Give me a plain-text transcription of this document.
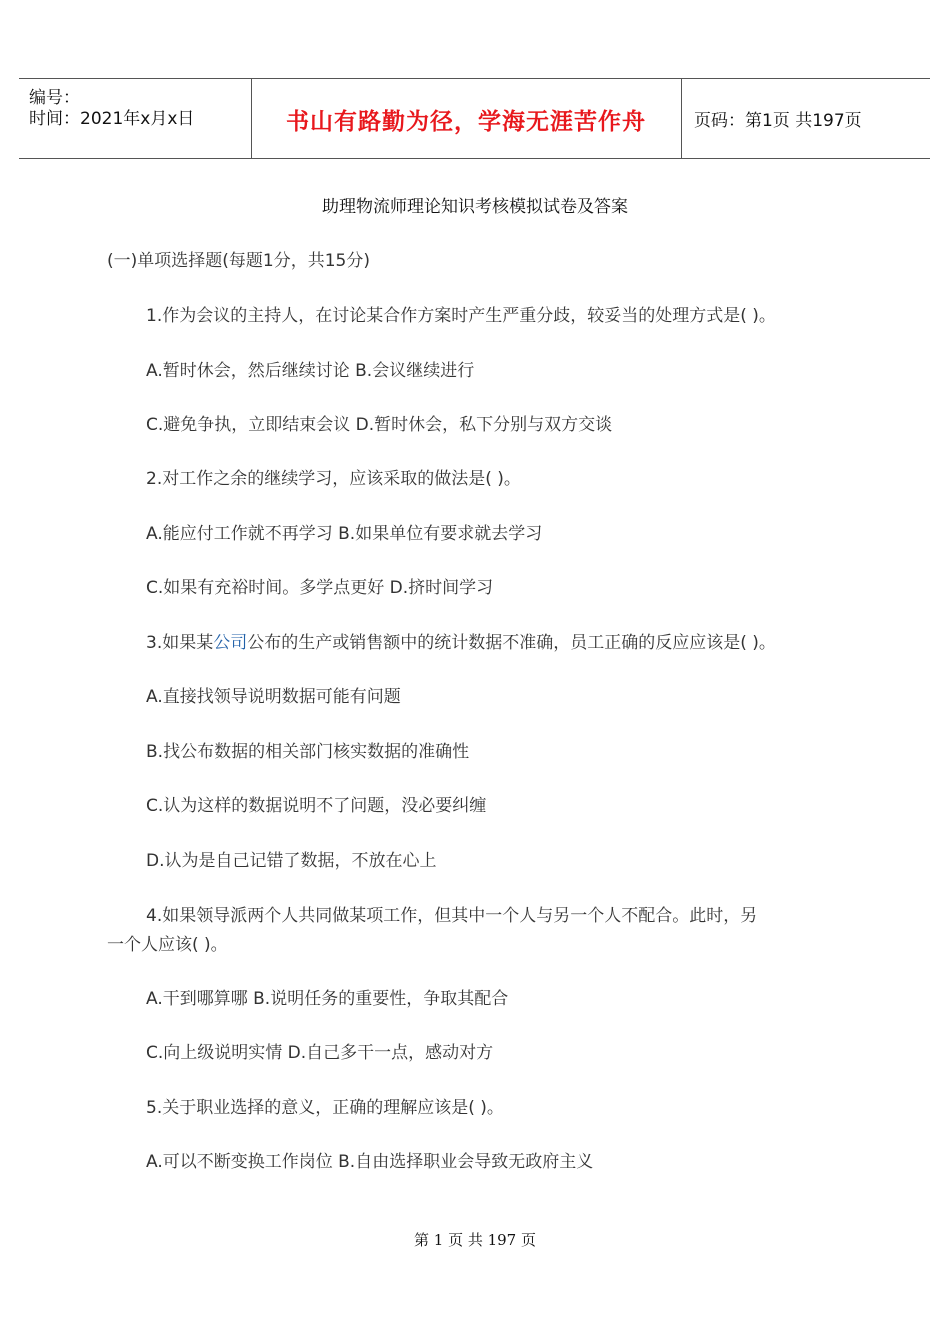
编号：
时间：2021年x月x日	书山有路勤为径，学海无涯苦作舟	页码：第1页 共197页
助理物流师理论知识考核模拟试卷及答案
(一)单项选择题(每题1分，共15分)
1.作为会议的主持人，在讨论某合作方案时产生严重分歧，较妥当的处理方式是( )。
A.暂时休会，然后继续讨论 B.会议继续进行
C.避免争执，立即结束会议 D.暂时休会，私下分别与双方交谈
2.对工作之余的继续学习，应该采取的做法是( )。
A.能应付工作就不再学习 B.如果单位有要求就去学习
C.如果有充裕时间。多学点更好 D.挤时间学习
3.如果某公司公布的生产或销售额中的统计数据不准确，员工正确的反应应该是( )。
A.直接找领导说明数据可能有问题
B.找公布数据的相关部门核实数据的准确性
C.认为这样的数据说明不了问题，没必要纠缠
D.认为是自己记错了数据，不放在心上
4.如果领导派两个人共同做某项工作，但其中一个人与另一个人不配合。此时，另
一个人应该( )。
A.干到哪算哪 B.说明任务的重要性，争取其配合
C.向上级说明实情 D.自己多干一点，感动对方
5.关于职业选择的意义，正确的理解应该是( )。
A.可以不断变换工作岗位 B.自由选择职业会导致无政府主义
第 1 页 共 197 页
